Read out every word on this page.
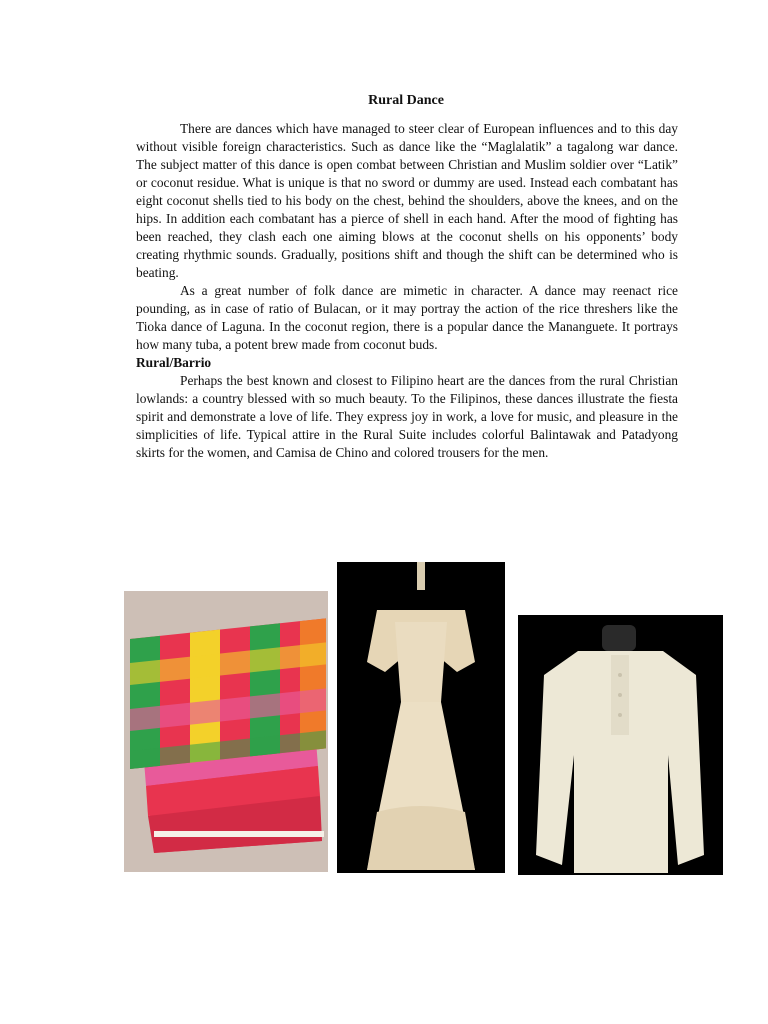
Rural Dance

There are dances which have managed to steer clear of European influences and to this day without visible foreign characteristics. Such as dance like the “Maglalatik” a tagalong war dance. The subject matter of this dance is open combat between Christian and Muslim soldier over “Latik” or coconut residue. What is unique is that no sword or dummy are used. Instead each combatant has eight coconut shells tied to his body on the chest, behind the shoulders, above the knees, and on the hips. In addition each combatant has a pierce of shell in each hand. After the mood of fighting has been reached, they clash each one aiming blows at the coconut shells on his opponents’ body creating rhythmic sounds. Gradually, positions shift and though the shift can be determined who is beating.

As a great number of folk dance are mimetic in character. A dance may reenact rice pounding, as in case of ratio of Bulacan, or it may portray the action of the rice threshers like the Tioka dance of Laguna. In the coconut region, there is a popular dance the Mananguete. It portrays how many tuba, a potent brew made from coconut buds.

Rural/Barrio

Perhaps the best known and closest to Filipino heart are the dances from the rural Christian lowlands: a country blessed with so much beauty. To the Filipinos, these dances illustrate the fiesta spirit and demonstrate a love of life. They express joy in work, a love for music, and pleasure in the simplicities of life. Typical attire in the Rural Suite includes colorful Balintawak and Patadyong skirts for the women, and Camisa de Chino and colored trousers for the men.
